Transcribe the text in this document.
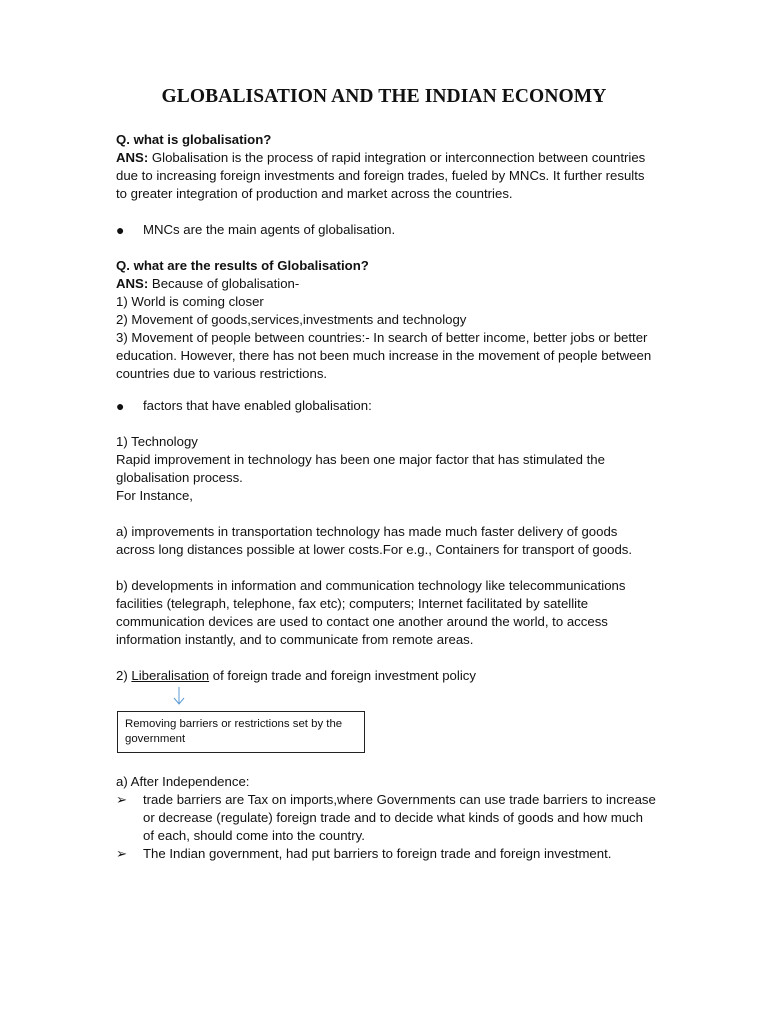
GLOBALISATION AND THE INDIAN ECONOMY

Q. what is globalisation?

ANS: Globalisation is the process of rapid integration or interconnection between countries due to increasing foreign investments and foreign trades, fueled by MNCs. It further results to greater integration of production and market across the countries.

●	MNCs are the main agents of globalisation.

Q. what are the results of Globalisation?

ANS: Because of globalisation-

1) World is coming closer

2) Movement of goods,services,investments and technology

3) Movement of people between countries:- In search of better income, better jobs or better education. However, there has not been much increase in the movement of people between countries due to various restrictions.

●	factors that have enabled globalisation:

1) Technology

Rapid improvement in technology has been one major factor that has stimulated the globalisation process.

For Instance,

a) improvements in transportation technology has made much faster delivery of goods across long distances possible at lower costs.For e.g., Containers for transport of goods.

b) developments in information and communication technology like telecommunications facilities (telegraph, telephone, fax etc); computers; Internet facilitated by satellite communication devices are used to contact one another around the world, to access information instantly, and to communicate from remote areas.

2) Liberalisation of foreign trade and foreign investment policy

Removing barriers or restrictions set by the government

a) After Independence:

➢	trade barriers are Tax on imports,where Governments can use trade barriers to increase or decrease (regulate) foreign trade and to decide what kinds of goods and how much of each, should come into the country.
➢	The Indian government, had put barriers to foreign trade and foreign investment.
